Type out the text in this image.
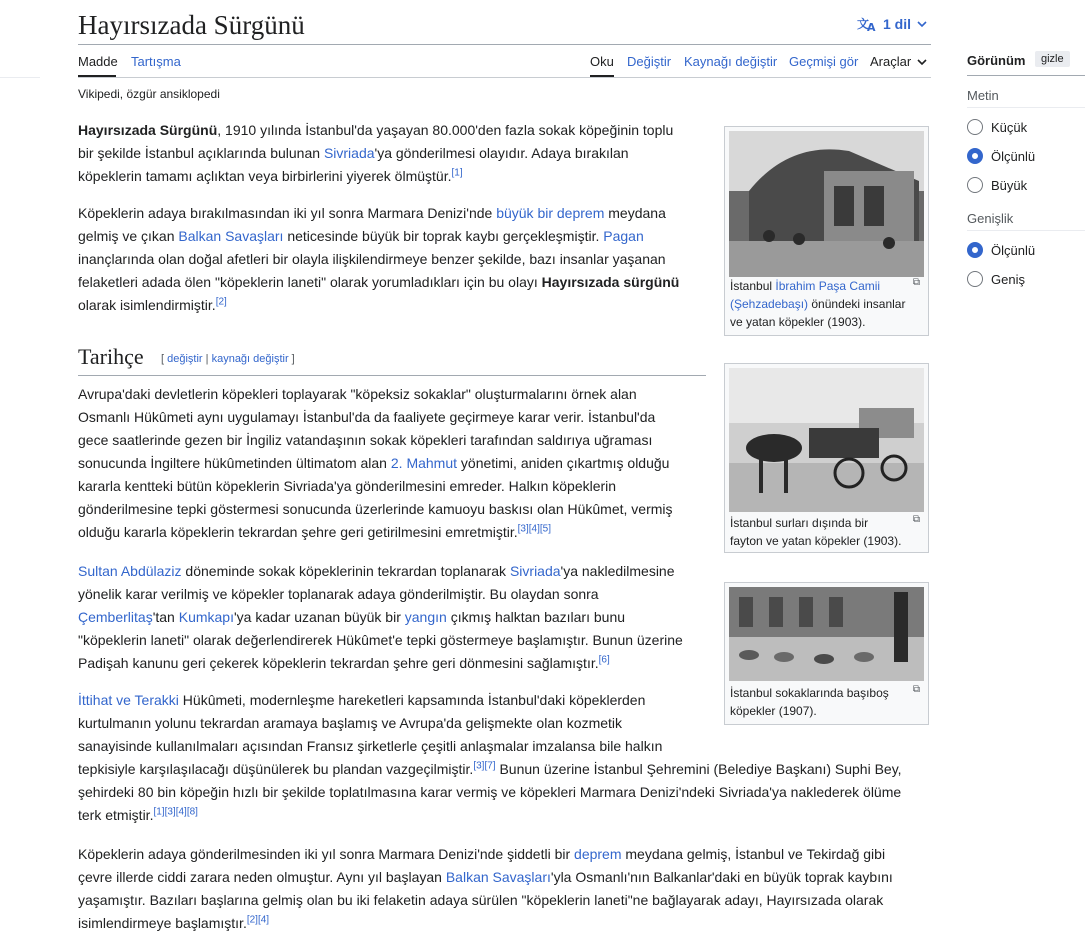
Hayırsızada Sürgünü	文
A 1 dil
Madde Tartışma	Oku Değiştir Kaynağı değiştir Geçmişi gör Araçlar
Vikipedi, özgür ansiklopedi
Görünüm	gizle
Metin
Küçük
Ölçünlü
Büyük
Genişlik
Ölçünlü
Geniş
Hayırsızada Sürgünü, 1910 yılında İstanbul'da yaşayan 80.000'den fazla sokak köpeğinin toplu
bir şekilde İstanbul açıklarında bulunan Sivriada'ya gönderilmesi olayıdır. Adaya bırakılan
köpeklerin tamamı açlıktan veya birbirlerini yiyerek ölmüştür.[1]
Köpeklerin adaya bırakılmasından iki yıl sonra Marmara Denizi'nde büyük bir deprem meydana
gelmiş ve çıkan Balkan Savaşları neticesinde büyük bir toprak kaybı gerçekleşmiştir. Pagan
inançlarında olan doğal afetleri bir olayla ilişkilendirmeye benzer şekilde, bazı insanlar yaşanan
felaketleri adada ölen "köpeklerin laneti" olarak yorumladıkları için bu olayı Hayırsızada sürgünü
olarak isimlendirmiştir.[2]
Tarihçe [ değiştir | kaynağı değiştir ]
Avrupa'daki devletlerin köpekleri toplayarak "köpeksiz sokaklar" oluşturmalarını örnek alan
Osmanlı Hükûmeti aynı uygulamayı İstanbul'da da faaliyete geçirmeye karar verir. İstanbul'da
gece saatlerinde gezen bir İngiliz vatandaşının sokak köpekleri tarafından saldırıya uğraması
sonucunda İngiltere hükûmetinden ültimatom alan 2. Mahmut yönetimi, aniden çıkartmış olduğu
kararla kentteki bütün köpeklerin Sivriada'ya gönderilmesini emreder. Halkın köpeklerin
gönderilmesine tepki göstermesi sonucunda üzerlerinde kamuoyu baskısı olan Hükûmet, vermiş
olduğu kararla köpeklerin tekrardan şehre geri getirilmesini emretmiştir.[3][4][5]
Sultan Abdülaziz döneminde sokak köpeklerinin tekrardan toplanarak Sivriada'ya nakledilmesine
yönelik karar verilmiş ve köpekler toplanarak adaya gönderilmiştir. Bu olaydan sonra
Çemberlitaş'tan Kumkapı'ya kadar uzanan büyük bir yangın çıkmış halktan bazıları bunu
"köpeklerin laneti" olarak değerlendirerek Hükûmet'e tepki göstermeye başlamıştır. Bunun üzerine
Padişah kanunu geri çekerek köpeklerin tekrardan şehre geri dönmesini sağlamıştır.[6]
İttihat ve Terakki Hükûmeti, modernleşme hareketleri kapsamında İstanbul'daki köpeklerden
kurtulmanın yolunu tekrardan aramaya başlamış ve Avrupa'da gelişmekte olan kozmetik
sanayisinde kullanılmaları açısından Fransız şirketlerle çeşitli anlaşmalar imzalansa bile halkın
tepkisiyle karşılaşılacağı düşünülerek bu plandan vazgeçilmiştir.[3][7] Bunun üzerine İstanbul Şehremini (Belediye Başkanı) Suphi Bey,
şehirdeki 80 bin köpeğin hızlı bir şekilde toplatılmasına karar vermiş ve köpekleri Marmara Denizi'ndeki Sivriada'ya naklederek ölüme
terk etmiştir.[1][3][4][8]
Köpeklerin adaya gönderilmesinden iki yıl sonra Marmara Denizi'nde şiddetli bir deprem meydana gelmiş, İstanbul ve Tekirdağ gibi
çevre illerde ciddi zarara neden olmuştur. Aynı yıl başlayan Balkan Savaşları'yla Osmanlı'nın Balkanlar'daki en büyük toprak kaybını
yaşamıştır. Bazıları başlarına gelmiş olan bu iki felaketin adaya sürülen "köpeklerin laneti"ne bağlayarak adayı, Hayırsızada olarak
isimlendirmeye başlamıştır.[2][4]
İstanbul İbrahim Paşa Camii
(Şehzadebaşı) önündeki insanlar
ve yatan köpekler (1903).
⧉
İstanbul surları dışında bir
fayton ve yatan köpekler (1903).
⧉
İstanbul sokaklarında başıboş
köpekler (1907).
⧉
